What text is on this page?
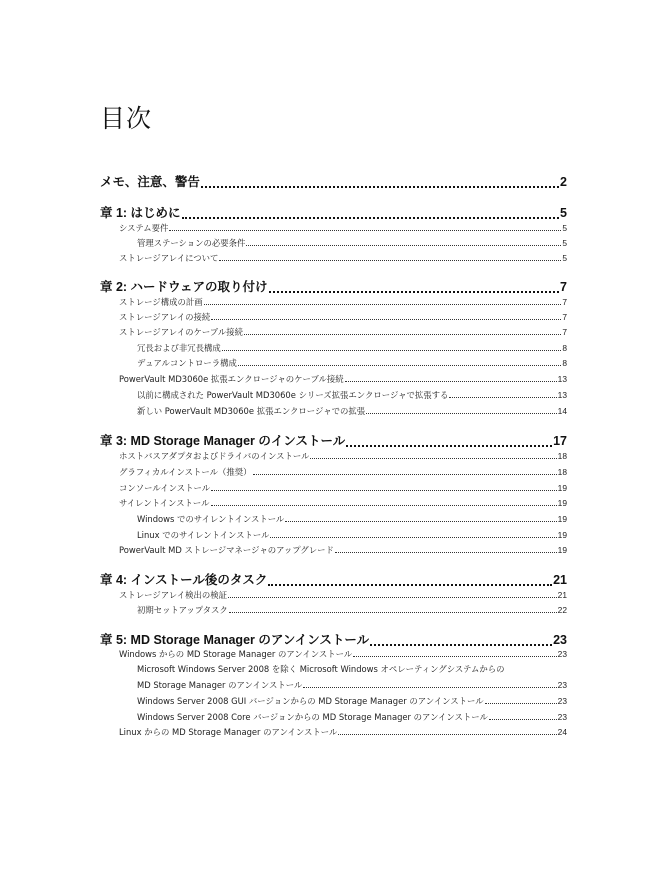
目次
メモ、注意、警告	2
章 1: はじめに	5
システム要件	5
管理ステーションの必要条件	5
ストレージアレイについて	5
章 2: ハードウェアの取り付け	7
ストレージ構成の計画	7
ストレージアレイの接続	7
ストレージアレイのケーブル接続	7
冗長および非冗長構成	8
デュアルコントローラ構成	8
PowerVault MD3060e 拡張エンクロージャのケーブル接続	13
以前に構成された PowerVault MD3060e シリーズ拡張エンクロージャで拡張する	13
新しい PowerVault MD3060e 拡張エンクロージャでの拡張	14
章 3: MD Storage Manager のインストール	17
ホストバスアダプタおよびドライバのインストール	18
グラフィカルインストール（推奨）	18
コンソールインストール	19
サイレントインストール	19
Windows でのサイレントインストール	19
Linux でのサイレントインストール	19
PowerVault MD ストレージマネージャのアップグレード	19
章 4: インストール後のタスク	21
ストレージアレイ検出の検証	21
初期セットアップタスク	22
章 5: MD Storage Manager のアンインストール	23
Windows からの MD Storage Manager のアンインストール	23
Microsoft Windows Server 2008 を除く Microsoft Windows オペレーティングシステムからの
MD Storage Manager のアンインストール	23
Windows Server 2008 GUI バージョンからの MD Storage Manager のアンインストール	23
Windows Server 2008 Core バージョンからの MD Storage Manager のアンインストール	23
Linux からの MD Storage Manager のアンインストール	24
